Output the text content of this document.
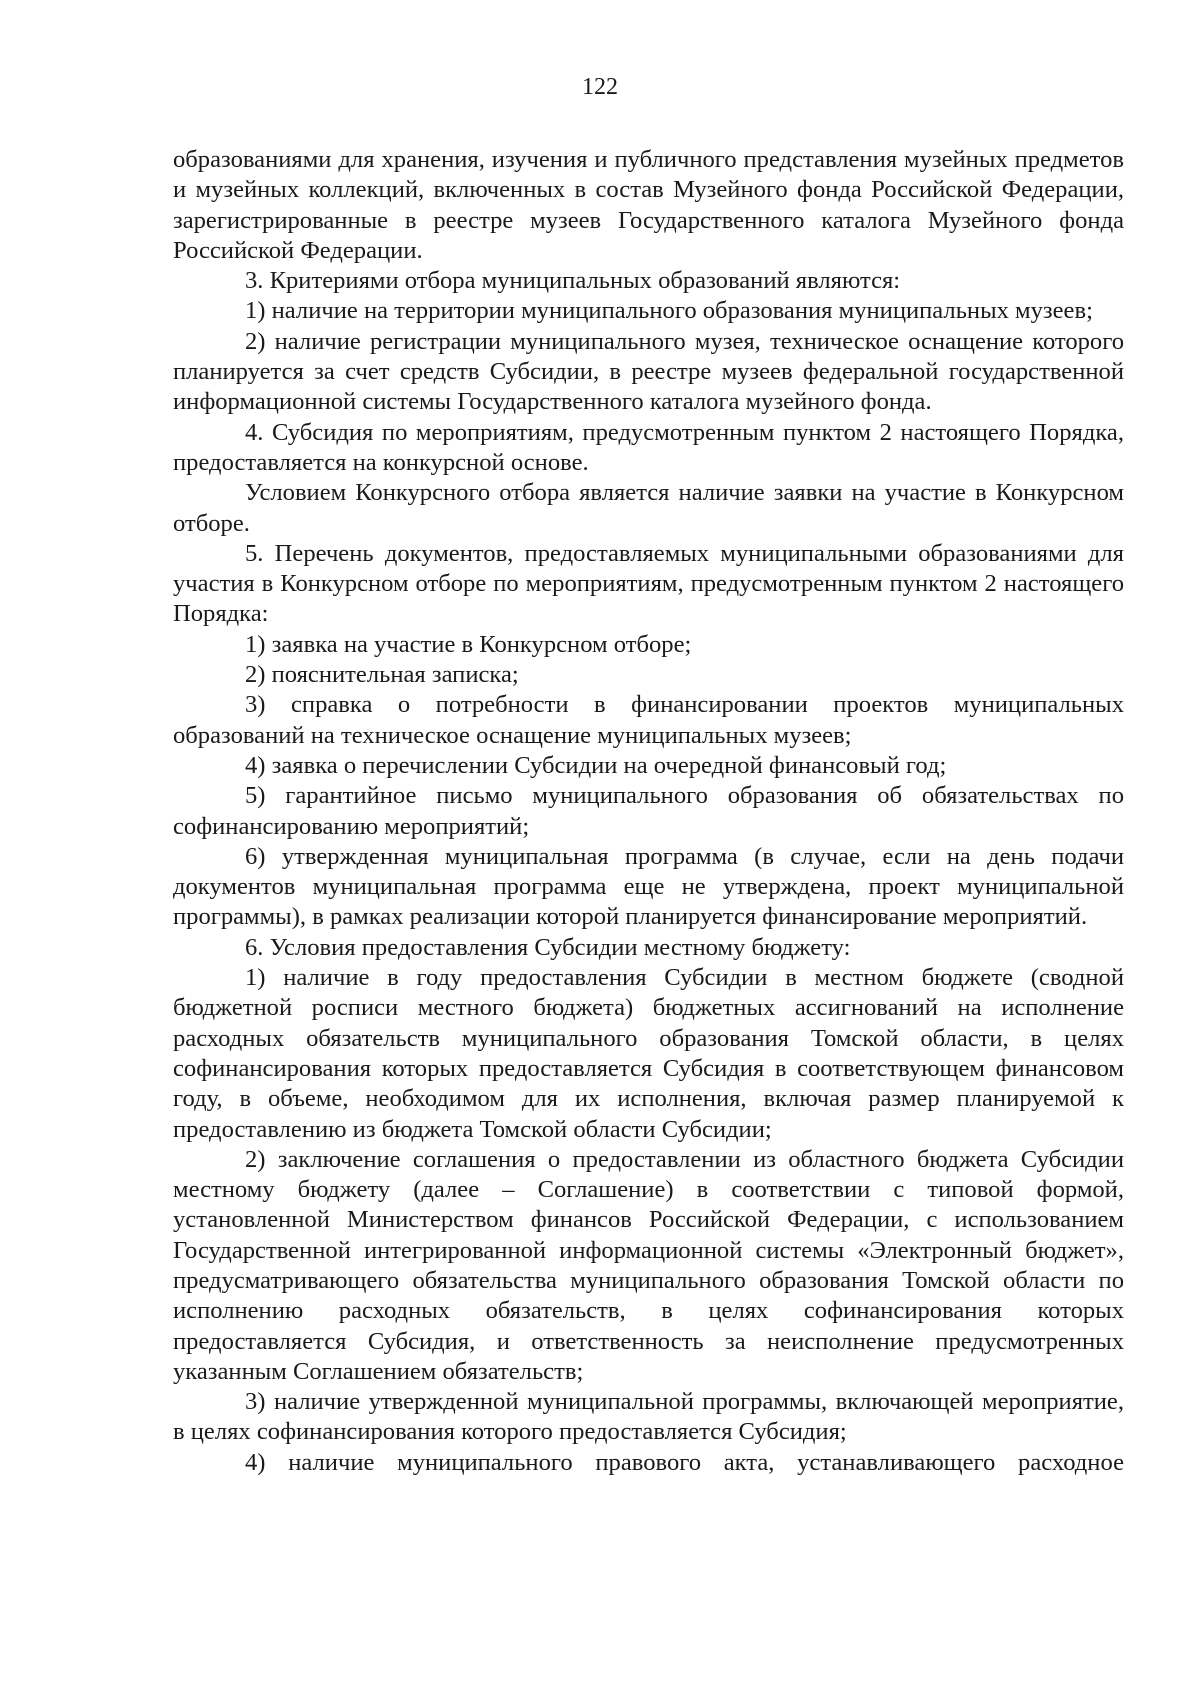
122

образованиями для хранения, изучения и публичного представления музейных предметов и музейных коллекций, включенных в состав Музейного фонда Российской Федерации, зарегистрированные в реестре музеев Государственного каталога Музейного фонда Российской Федерации.

3. Критериями отбора муниципальных образований являются:

1) наличие на территории муниципального образования муниципальных музеев;

2) наличие регистрации муниципального музея, техническое оснащение которого планируется за счет средств Субсидии, в реестре музеев федеральной государственной информационной системы Государственного каталога музейного фонда.

4. Субсидия по мероприятиям, предусмотренным пунктом 2 настоящего Порядка, предоставляется на конкурсной основе.

Условием Конкурсного отбора является наличие заявки на участие в Конкурсном отборе.

5. Перечень документов, предоставляемых муниципальными образованиями для участия в Конкурсном отборе по мероприятиям, предусмотренным пунктом 2 настоящего Порядка:

1) заявка на участие в Конкурсном отборе;

2) пояснительная записка;

3) справка о потребности в финансировании проектов муниципальных образований на техническое оснащение муниципальных музеев;

4) заявка о перечислении Субсидии на очередной финансовый год;

5) гарантийное письмо муниципального образования об обязательствах по софинансированию мероприятий;

6) утвержденная муниципальная программа (в случае, если на день подачи документов муниципальная программа еще не утверждена, проект муниципальной программы), в рамках реализации которой планируется финансирование мероприятий.

6. Условия предоставления Субсидии местному бюджету:

1) наличие в году предоставления Субсидии в местном бюджете (сводной бюджетной росписи местного бюджета) бюджетных ассигнований на исполнение расходных обязательств муниципального образования Томской области, в целях софинансирования которых предоставляется Субсидия в соответствующем финансовом году, в объеме, необходимом для их исполнения, включая размер планируемой к предоставлению из бюджета Томской области Субсидии;

2) заключение соглашения о предоставлении из областного бюджета Субсидии местному бюджету (далее – Соглашение) в соответствии с типовой формой, установленной Министерством финансов Российской Федерации, с использованием Государственной интегрированной информационной системы «Электронный бюджет», предусматривающего обязательства муниципального образования Томской области по исполнению расходных обязательств, в целях софинансирования которых предоставляется Субсидия, и ответственность за неисполнение предусмотренных указанным Соглашением обязательств;

3) наличие утвержденной муниципальной программы, включающей мероприятие, в целях софинансирования которого предоставляется Субсидия;

4) наличие муниципального правового акта, устанавливающего расходное
